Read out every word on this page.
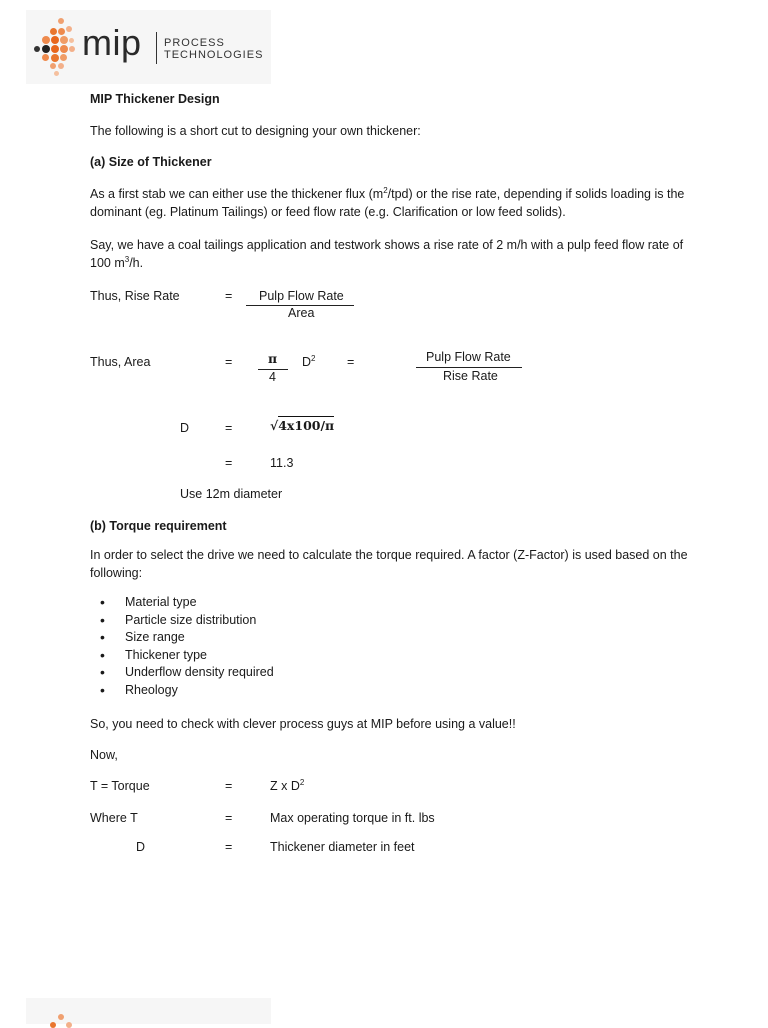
mip PROCESS
TECHNOLOGIES
MIP Thickener Design
The following is a short cut to designing your own thickener:
(a) Size of Thickener
As a first stab we can either use the thickener flux $(m^2/tpd)$ or the rise rate, depending if solids loading is the dominant (eg. Platinum Tailings) or feed flow rate (e.g. Clarification or low feed solids).
Say, we have a coal tailings application and testwork shows a rise rate of 2 m/h with a pulp feed flow rate of 100 $m^3/h$.
Thus, Rise Rate	= Pulp Flow Rate
Area
Thus, Area	=	π
4
$D^2$	=	Pulp Flow Rate
Rise Rate
D	=	√4x100/π
=	11.3
Use 12m diameter
(b) Torque requirement
In order to select the drive we need to calculate the torque required. A factor (Z-Factor) is used based on the following:
• Material type
• Particle size distribution
• Size range
• Thickener type
• Underflow density required
• Rheology
So, you need to check with clever process guys at MIP before using a value!!
Now,
T = Torque	=	Z x $D^2$
Where T	=	Max operating torque in ft. lbs
D	=	Thickener diameter in feet
